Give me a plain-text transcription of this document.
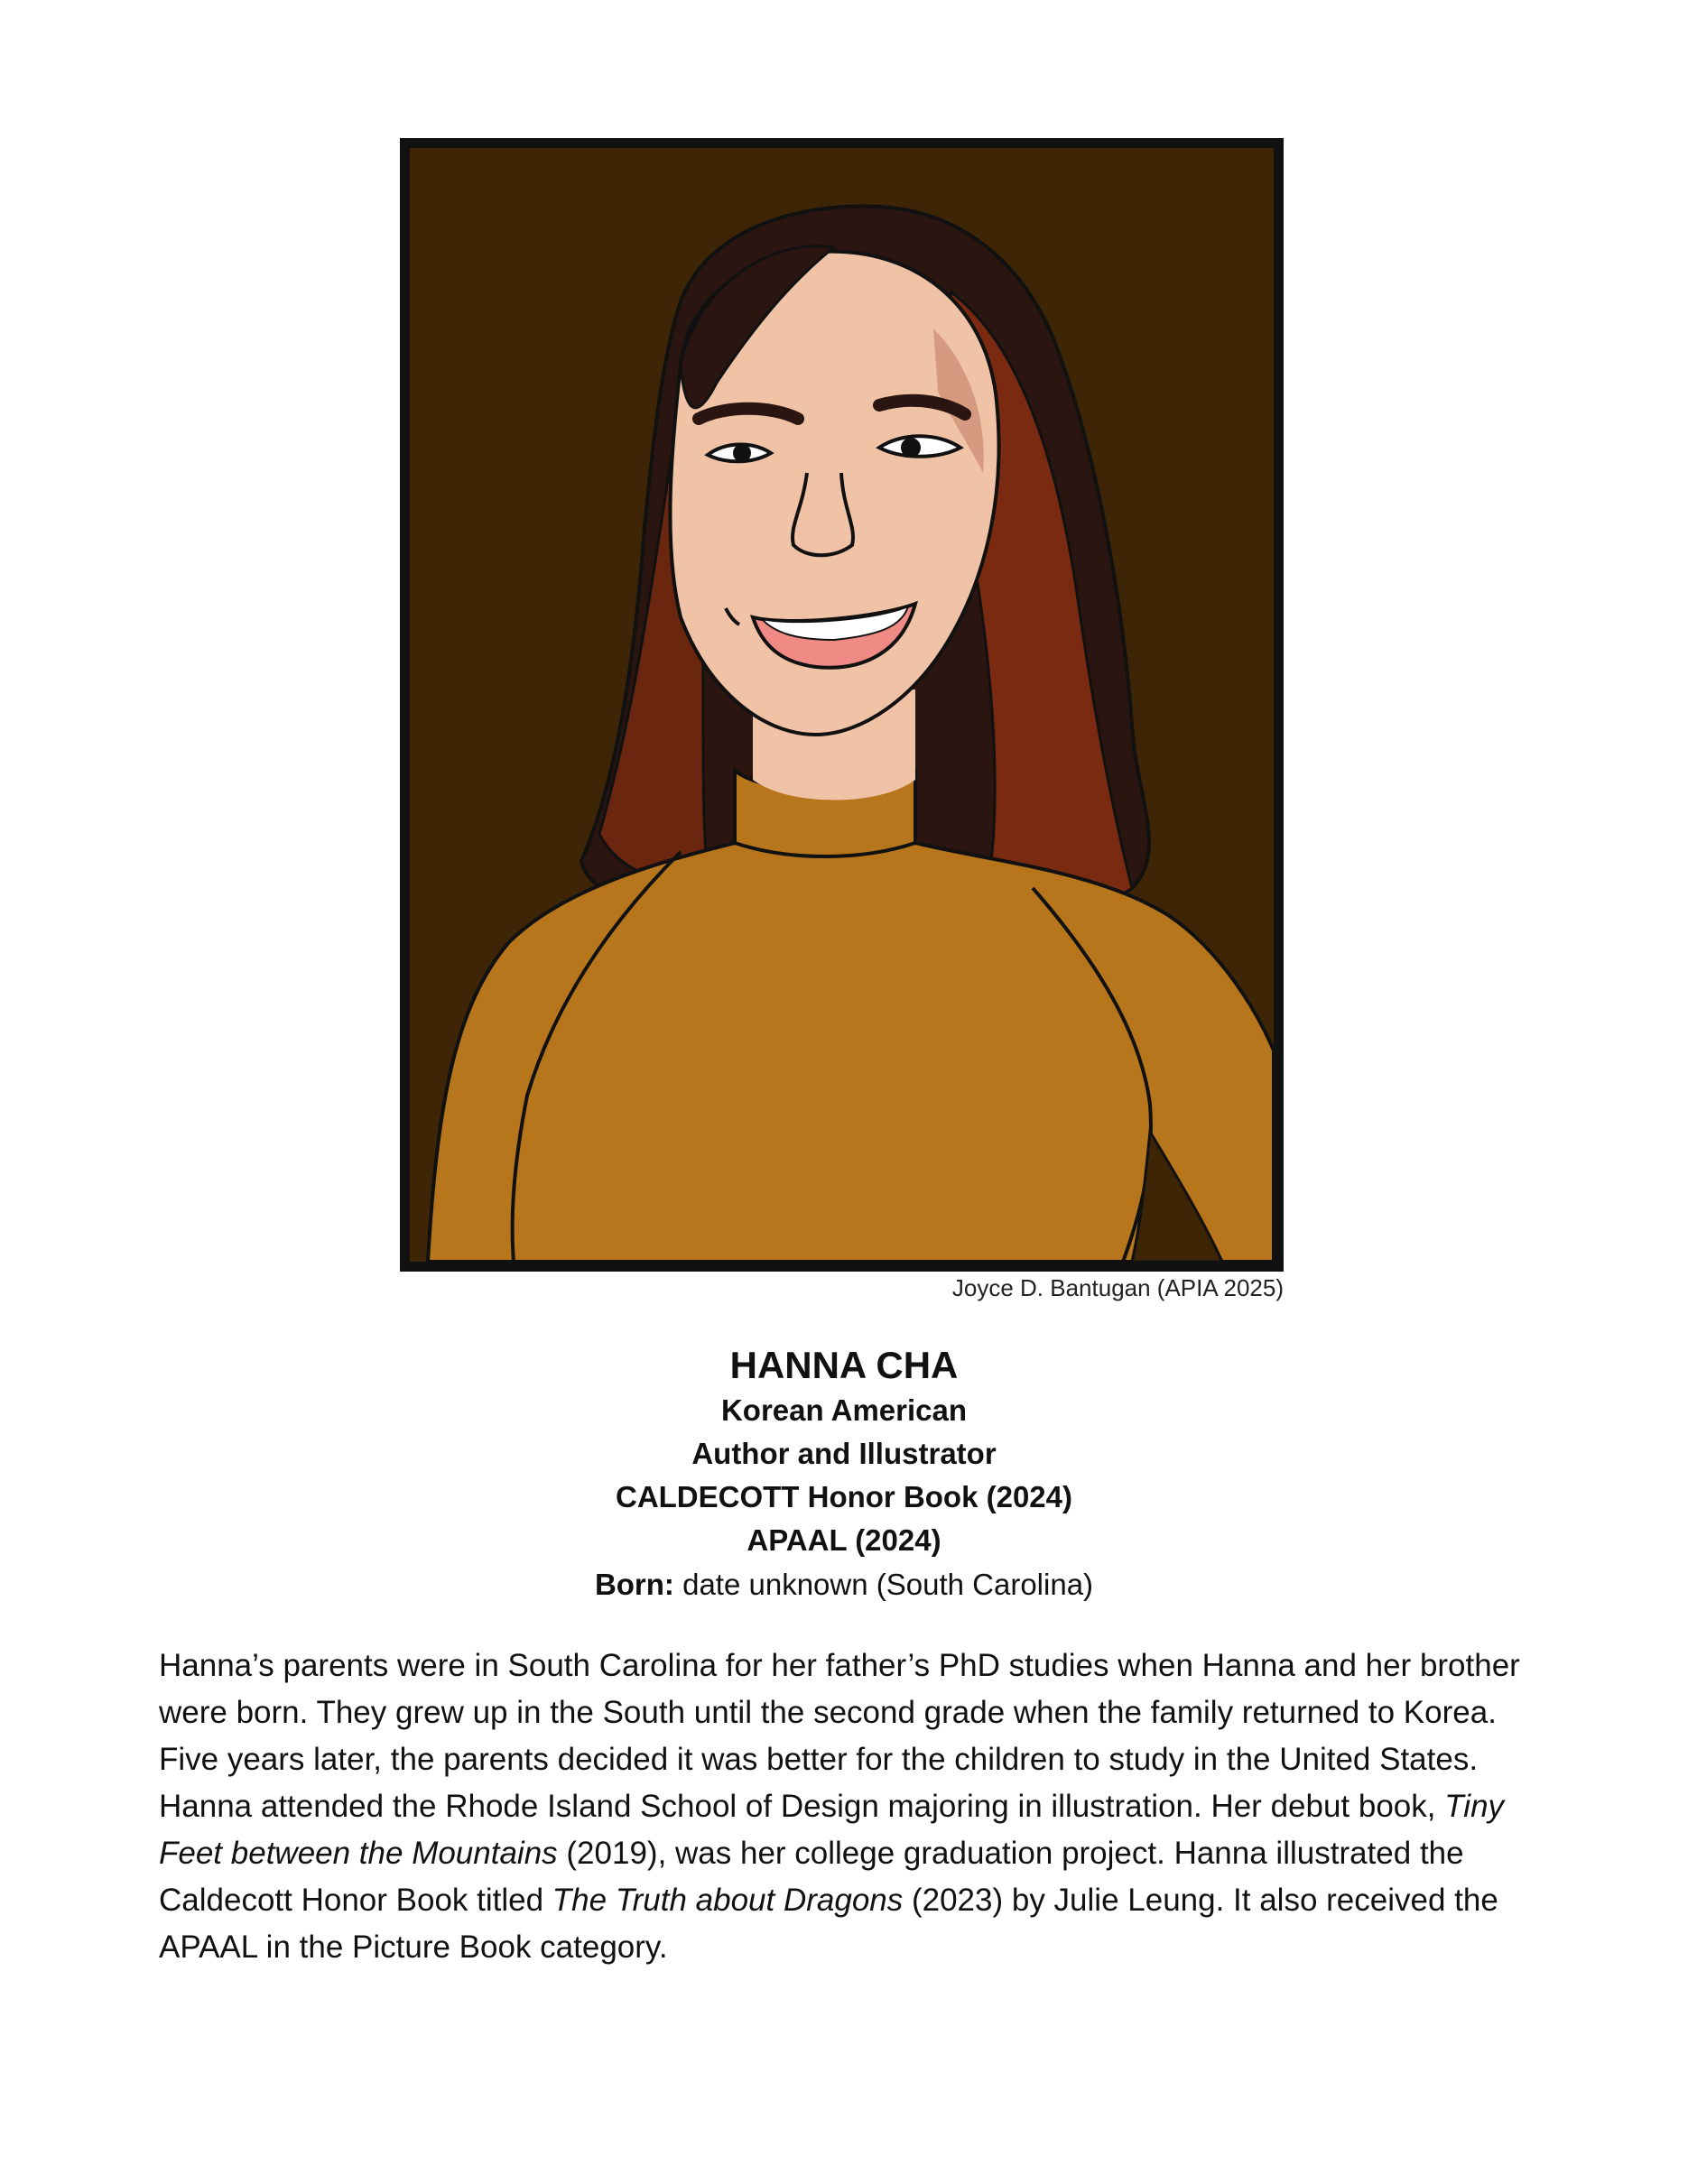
Joyce D. Bantugan (APIA 2025)
HANNA CHA
Korean American
Author and Illustrator
CALDECOTT Honor Book (2024)
APAAL (2024)
Born: date unknown (South Carolina)

Hanna’s parents were in South Carolina for her father’s PhD studies when Hanna and her brother were born. They grew up in the South until the second grade when the family returned to Korea. Five years later, the parents decided it was better for the children to study in the United States. Hanna attended the Rhode Island School of Design majoring in illustration. Her debut book, Tiny Feet between the Mountains (2019), was her college graduation project. Hanna illustrated the Caldecott Honor Book titled The Truth about Dragons (2023) by Julie Leung. It also received the APAAL in the Picture Book category.
